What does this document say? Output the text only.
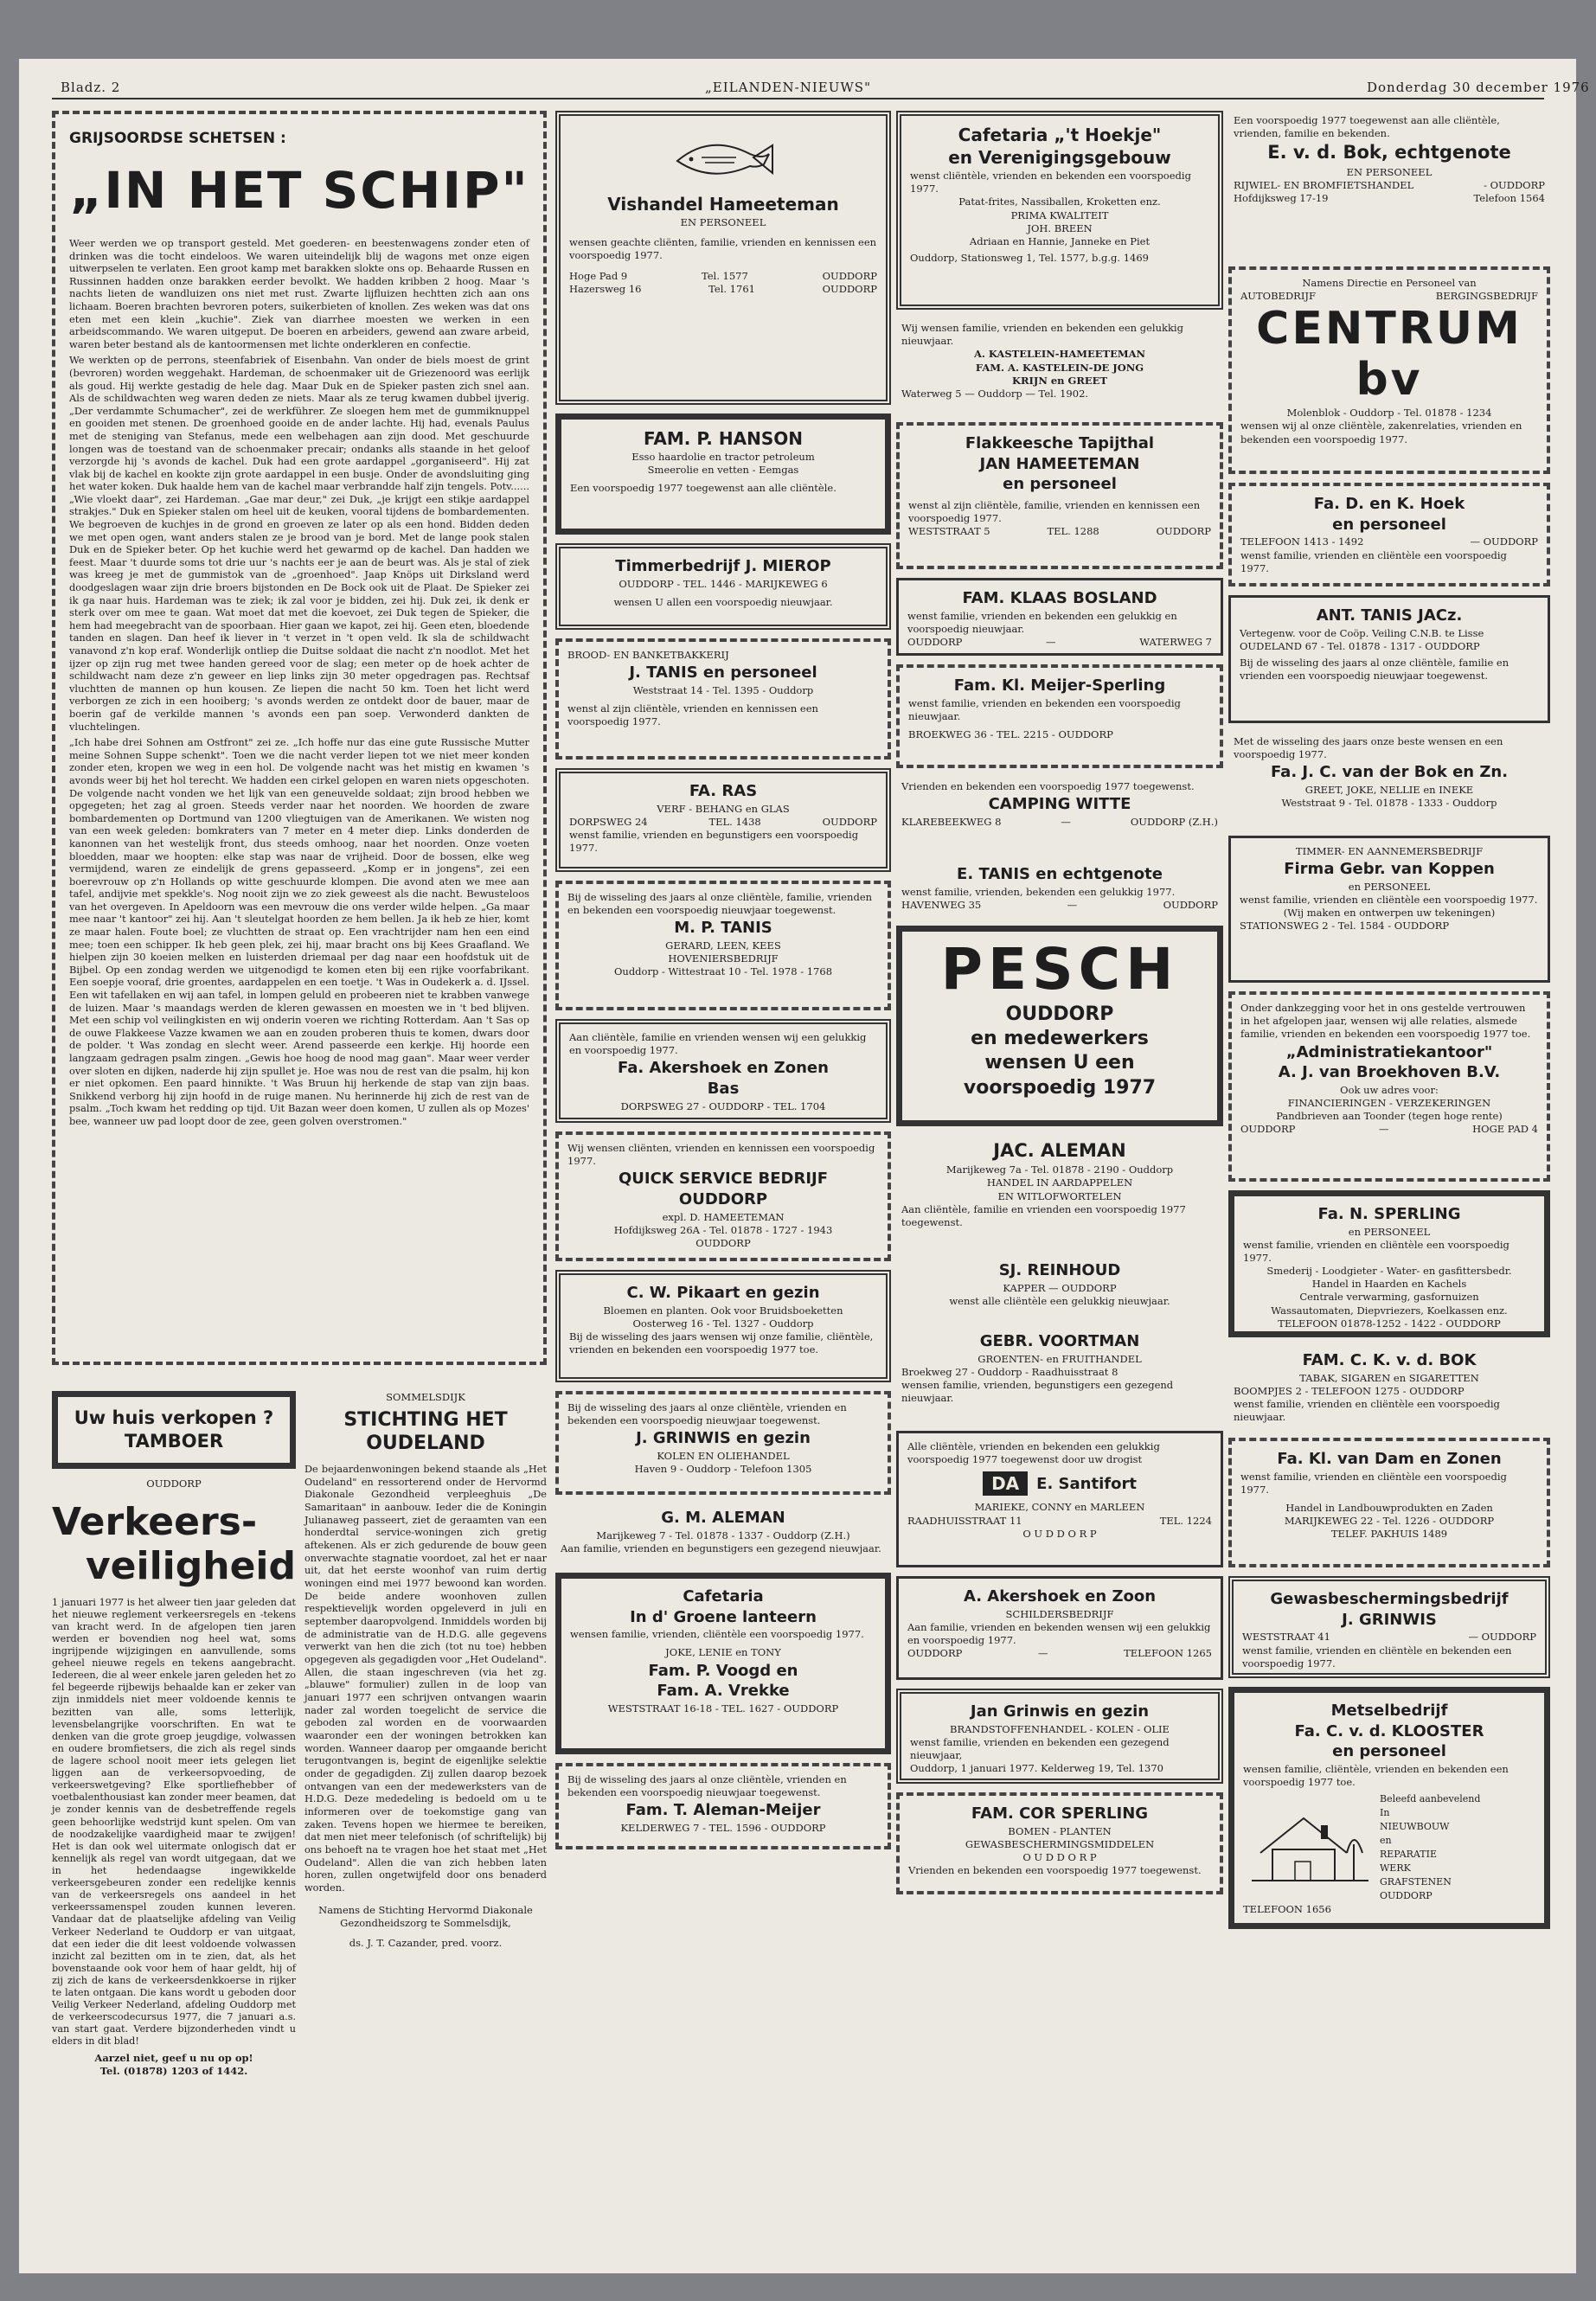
Bladz. 2	„EILANDEN-NIEUWS"	Donderdag 30 december 1976
GRIJSOORDSE SCHETSEN :
„IN HET SCHIP"

Weer werden we op transport gesteld. Met goederen- en beestenwagens zonder eten of drinken was die tocht eindeloos. We waren uiteindelijk blij de wagons met onze eigen uitwerpselen te verlaten. Een groot kamp met barakken slokte ons op. Behaarde Russen en Russinnen hadden onze barakken eerder bevolkt. We hadden kribben 2 hoog. Maar 's nachts lieten de wandluizen ons niet met rust. Zwarte lijfluizen hechtten zich aan ons lichaam. Boeren brachten bevroren poters, suikerbieten of knollen. Zes weken was dat ons eten met een klein „kuchie". Ziek van diarrhee moesten we werken in een arbeidscommando. We waren uitgeput. De boeren en arbeiders, gewend aan zware arbeid, waren beter bestand als de kantoormensen met lichte onderkleren en confectie.

We werkten op de perrons, steenfabriek of Eisenbahn. Van onder de biels moest de grint (bevroren) worden weggehakt. Hardeman, de schoenmaker uit de Griezenoord was eerlijk als goud. Hij werkte gestadig de hele dag. Maar Duk en de Spieker pasten zich snel aan. Als de schildwachten weg waren deden ze niets. Maar als ze terug kwamen dubbel ijverig. „Der verdammte Schumacher", zei de werkführer. Ze sloegen hem met de gummiknuppel en gooiden met stenen. De groenhoed gooide en de ander lachte. Hij had, evenals Paulus met de steniging van Stefanus, mede een welbehagen aan zijn dood. Met geschuurde longen was de toestand van de schoenmaker precair; ondanks alls staande in het geloof verzorgde hij 's avonds de kachel. Duk had een grote aardappel „gorganiseerd". Hij zat vlak bij de kachel en kookte zijn grote aardappel in een busje. Onder de avondsluiting ging het water koken. Duk haalde hem van de kachel maar verbrandde half zijn tengels. Potv...... „Wie vloekt daar", zei Hardeman. „Gae mar deur," zei Duk, „je krijgt een stikje aardappel strakjes." Duk en Spieker stalen om heel uit de keuken, vooral tijdens de bombardementen. We begroeven de kuchjes in de grond en groeven ze later op als een hond. Bidden deden we met open ogen, want anders stalen ze je brood van je bord. Met de lange pook stalen Duk en de Spieker beter. Op het kuchie werd het gewarmd op de kachel. Dan hadden we feest. Maar 't duurde soms tot drie uur 's nachts eer je aan de beurt was. Als je stal of ziek was kreeg je met de gummistok van de „groenhoed". Jaap Knöps uit Dirksland werd doodgeslagen waar zijn drie broers bijstonden en De Bock ook uit de Plaat. De Spieker zei ik ga naar huis. Hardeman was te ziek; ik zal voor je bidden, zei hij. Duk zei, ik denk er sterk over om mee te gaan. Wat moet dat met die koevoet, zei Duk tegen de Spieker, die hem had meegebracht van de spoorbaan. Hier gaan we kapot, zei hij. Geen eten, bloedende tanden en slagen. Dan heef ik liever in 't verzet in 't open veld. Ik sla de schildwacht vanavond z'n kop eraf. Wonderlijk ontliep die Duitse soldaat die nacht z'n noodlot. Met het ijzer op zijn rug met twee handen gereed voor de slag; een meter op de hoek achter de schildwacht nam deze z'n geweer en liep links zijn 30 meter opgedragen pas. Rechtsaf vluchtten de mannen op hun kousen. Ze liepen die nacht 50 km. Toen het licht werd verborgen ze zich in een hooiberg; 's avonds werden ze ontdekt door de bauer, maar de boerin gaf de verkilde mannen 's avonds een pan soep. Verwonderd dankten de vluchtelingen.

„Ich habe drei Sohnen am Ostfront" zei ze. „Ich hoffe nur das eine gute Russische Mutter meine Sohnen Suppe schenkt". Toen we die nacht verder liepen tot we niet meer konden zonder eten, kropen we weg in een hol. De volgende nacht was het mistig en kwamen 's avonds weer bij het hol terecht. We hadden een cirkel gelopen en waren niets opgeschoten. De volgende nacht vonden we het lijk van een geneuvelde soldaat; zijn brood hebben we opgegeten; het zag al groen. Steeds verder naar het noorden. We hoorden de zware bombardementen op Dortmund van 1200 vliegtuigen van de Amerikanen. We wisten nog van een week geleden: bomkraters van 7 meter en 4 meter diep. Links donderden de kanonnen van het westelijk front, dus steeds omhoog, naar het noorden. Onze voeten bloedden, maar we hoopten: elke stap was naar de vrijheid. Door de bossen, elke weg vermijdend, waren ze eindelijk de grens gepasseerd. „Komp er in jongens", zei een boerevrouw op z'n Hollands op witte geschuurde klompen. Die avond aten we mee aan tafel, andijvie met spekkle's. Nog nooit zijn we zo ziek geweest als die nacht. Bewusteloos van het overgeven. In Apeldoorn was een mevrouw die ons verder wilde helpen. „Ga maar mee naar 't kantoor" zei hij. Aan 't sleutelgat hoorden ze hem bellen. Ja ik heb ze hier, komt ze maar halen. Foute boel; ze vluchtten de straat op. Een vrachtrijder nam hen een eind mee; toen een schipper. Ik heb geen plek, zei hij, maar bracht ons bij Kees Graafland. We hielpen zijn 30 koeien melken en luisterden driemaal per dag naar een hoofdstuk uit de Bijbel. Op een zondag werden we uitgenodigd te komen eten bij een rijke voorfabrikant. Een soepje vooraf, drie groentes, aardappelen en een toetje. 't Was in Oudekerk a. d. IJssel. Een wit tafellaken en wij aan tafel, in lompen geluld en probeeren niet te krabben vanwege de luizen. Maar 's maandags werden de kleren gewassen en moesten we in 't bed blijven. Met een schip vol veilingkisten en wij onderin voeren we richting Rotterdam. Aan 't Sas op de ouwe Flakkeese Vazze kwamen we aan en zouden proberen thuis te komen, dwars door de polder. 't Was zondag en slecht weer. Arend passeerde een kerkje. Hij hoorde een langzaam gedragen psalm zingen. „Gewis hoe hoog de nood mag gaan". Maar weer verder over sloten en dijken, naderde hij zijn spullet je. Hoe was nou de rest van die psalm, hij kon er niet opkomen. Een paard hinnikte. 't Was Bruun hij herkende de stap van zijn baas. Snikkend verborg hij zijn hoofd in de ruige manen. Nu herinnerde hij zich de rest van de psalm. „Toch kwam het redding op tijd. Uit Bazan weer doen komen, U zullen als op Mozes' bee, wanneer uw pad loopt door de zee, geen golven overstromen."

Uw huis verkopen ?
TAMBOER
OUDDORP
Verkeers-
veiligheid

1 januari 1977 is het alweer tien jaar geleden dat het nieuwe reglement verkeersregels en -tekens van kracht werd. In de afgelopen tien jaren werden er bovendien nog heel wat, soms ingrijpende wijzigingen en aanvullende, soms geheel nieuwe regels en tekens aangebracht. Iedereen, die al weer enkele jaren geleden het zo fel begeerde rijbewijs behaalde kan er zeker van zijn inmiddels niet meer voldoende kennis te bezitten van alle, soms letterlijk, levensbelangrijke voorschriften. En wat te denken van die grote groep jeugdige, volwassen en oudere bromfietsers, die zich als regel sinds de lagere school nooit meer iets gelegen liet liggen aan de verkeersopvoeding, de verkeerswetgeving? Elke sportliefhebber of voetbalenthousiast kan zonder meer beamen, dat je zonder kennis van de desbetreffende regels geen behoorlijke wedstrijd kunt spelen. Om van de noodzakelijke vaardigheid maar te zwijgen! Het is dan ook wel uitermate onlogisch dat er kennelijk als regel van wordt uitgegaan, dat we in het hedendaagse ingewikkelde verkeersgebeuren zonder een redelijke kennis van de verkeersregels ons aandeel in het verkeerssamenspel zouden kunnen leveren. Vandaar dat de plaatselijke afdeling van Veilig Verkeer Nederland te Ouddorp er van uitgaat, dat een ieder die dit leest voldoende volwassen inzicht zal bezitten om in te zien, dat, als het bovenstaande ook voor hem of haar geldt, hij of zij zich de kans de verkeersdenkkoerse in rijker te laten ontgaan. Die kans wordt u geboden door Veilig Verkeer Nederland, afdeling Ouddorp met de verkeerscodecursus 1977, die 7 januari a.s. van start gaat. Verdere bijzonderheden vindt u elders in dit blad!

Aarzel niet, geef u nu op op!
Tel. (01878) 1203 of 1442.
SOMMELSDIJK
STICHTING HET OUDELAND

De bejaardenwoningen bekend staande als „Het Oudeland" en ressorterend onder de Hervormd Diakonale Gezondheid verpleeghuis „De Samaritaan" in aanbouw. Ieder die de Koningin Julianaweg passeert, ziet de geraamten van een honderdtal service-woningen zich gretig aftekenen. Als er zich gedurende de bouw geen onverwachte stagnatie voordoet, zal het er naar uit, dat het eerste woonhof van ruim dertig woningen eind mei 1977 bewoond kan worden. De beide andere woonhoven zullen respektievelijk worden opgeleverd in juli en september daaropvolgend. Inmiddels worden bij de administratie van de H.D.G. alle gegevens verwerkt van hen die zich (tot nu toe) hebben opgegeven als gegadigden voor „Het Oudeland". Allen, die staan ingeschreven (via het zg. „blauwe" formulier) zullen in de loop van januari 1977 een schrijven ontvangen waarin nader zal worden toegelicht de service die geboden zal worden en de voorwaarden waaronder een der woningen betrokken kan worden. Wanneer daarop per omgaande bericht terugontvangen is, begint de eigenlijke selektie onder de gegadigden. Zij zullen daarop bezoek ontvangen van een der medewerksters van de H.D.G. Deze mededeling is bedoeld om u te informeren over de toekomstige gang van zaken. Tevens hopen we hiermee te bereiken, dat men niet meer telefonisch (of schriftelijk) bij ons behoeft na te vragen hoe het staat met „Het Oudeland". Allen die van zich hebben laten horen, zullen ongetwijfeld door ons benaderd worden.

Namens de Stichting Hervormd Diakonale Gezondheidszorg te Sommelsdijk,
ds. J. T. Cazander, pred. voorz.
Vishandel Hameeteman
EN PERSONEEL
wensen geachte cliënten, familie, vrienden en kennissen een voorspoedig 1977.
Hoge Pad 9	Tel. 1577	OUDDORP
Hazersweg 16	Tel. 1761	OUDDORP
FAM. P. HANSON
Esso haardolie en tractor petroleum
Smeerolie en vetten - Eemgas
Een voorspoedig 1977 toegewenst aan alle cliëntèle.
Timmerbedrijf J. MIEROP
OUDDORP - TEL. 1446 - MARIJKEWEG 6
wensen U allen een voorspoedig nieuwjaar.
BROOD- EN BANKETBAKKERIJ
J. TANIS en personeel
Weststraat 14 - Tel. 1395 - Ouddorp
wenst al zijn cliëntèle, vrienden en kennissen een voorspoedig 1977.
FA. RAS
VERF - BEHANG en GLAS
DORPSWEG 24	TEL. 1438	OUDDORP
wenst familie, vrienden en begunstigers een voorspoedig 1977.
Bij de wisseling des jaars al onze cliëntèle, familie, vrienden en bekenden een voorspoedig nieuwjaar toegewenst.
M. P. TANIS
GERARD, LEEN, KEES
HOVENIERSBEDRIJF
Ouddorp - Wittestraat 10 - Tel. 1978 - 1768
Aan cliëntèle, familie en vrienden wensen wij een gelukkig en voorspoedig 1977.
Fa. Akershoek en Zonen
Bas
DORPSWEG 27 - OUDDORP - TEL. 1704
Wij wensen cliënten, vrienden en kennissen een voorspoedig 1977.
QUICK SERVICE BEDRIJF
OUDDORP
expl. D. HAMEETEMAN
Hofdijksweg 26A - Tel. 01878 - 1727 - 1943
OUDDORP
C. W. Pikaart en gezin
Bloemen en planten. Ook voor Bruidsboeketten
Oosterweg 16 - Tel. 1327 - Ouddorp
Bij de wisseling des jaars wensen wij onze familie, cliëntèle, vrienden en bekenden een voorspoedig 1977 toe.
Bij de wisseling des jaars al onze cliëntèle, vrienden en bekenden een voorspoedig nieuwjaar toegewenst.
J. GRINWIS en gezin
KOLEN EN OLIEHANDEL
Haven 9 - Ouddorp - Telefoon 1305
G. M. ALEMAN
Marijkeweg 7 - Tel. 01878 - 1337 - Ouddorp (Z.H.)
Aan familie, vrienden en begunstigers een gezegend nieuwjaar.
Cafetaria
In d' Groene lanteern
wensen familie, vrienden, cliëntèle een voorspoedig 1977.
JOKE, LENIE en TONY
Fam. P. Voogd en
Fam. A. Vrekke
WESTSTRAAT 16-18 - TEL. 1627 - OUDDORP
Bij de wisseling des jaars al onze cliëntèle, vrienden en bekenden een voorspoedig nieuwjaar toegewenst.
Fam. T. Aleman-Meijer
KELDERWEG 7 - TEL. 1596 - OUDDORP
Cafetaria „'t Hoekje"
en Verenigingsgebouw
wenst cliëntèle, vrienden en bekenden een voorspoedig 1977.
Patat-frites, Nassiballen, Kroketten enz.
PRIMA KWALITEIT
JOH. BREEN
Adriaan en Hannie, Janneke en Piet
Ouddorp, Stationsweg 1, Tel. 1577, b.g.g. 1469
Wij wensen familie, vrienden en bekenden een gelukkig nieuwjaar.
A. KASTELEIN-HAMEETEMAN
FAM. A. KASTELEIN-DE JONG
KRIJN en GREET
Waterweg 5 — Ouddorp — Tel. 1902.
Flakkeesche Tapijthal
JAN HAMEETEMAN
en personeel
wenst al zijn cliëntèle, familie, vrienden en kennissen een voorspoedig 1977.
WESTSTRAAT 5	TEL. 1288	OUDDORP
FAM. KLAAS BOSLAND
wenst familie, vrienden en bekenden een gelukkig en voorspoedig nieuwjaar.
OUDDORP	—	WATERWEG 7
Fam. Kl. Meijer-Sperling
wenst familie, vrienden en bekenden een voorspoedig nieuwjaar.
BROEKWEG 36 - TEL. 2215 - OUDDORP
Vrienden en bekenden een voorspoedig 1977 toegewenst.
CAMPING WITTE
KLAREBEEKWEG 8	—	OUDDORP (Z.H.)
E. TANIS en echtgenote
wenst familie, vrienden, bekenden een gelukkig 1977.
HAVENWEG 35	—	OUDDORP
PESCH
OUDDORP
en medewerkers
wensen U een
voorspoedig 1977
JAC. ALEMAN
Marijkeweg 7a - Tel. 01878 - 2190 - Ouddorp
HANDEL IN AARDAPPELEN
EN WITLOFWORTELEN
Aan cliëntèle, familie en vrienden een voorspoedig 1977 toegewenst.
SJ. REINHOUD
KAPPER — OUDDORP
wenst alle cliëntèle een gelukkig nieuwjaar.
GEBR. VOORTMAN
GROENTEN- en FRUITHANDEL
Broekweg 27 - Ouddorp - Raadhuisstraat 8
wensen familie, vrienden, begunstigers een gezegend nieuwjaar.
Alle cliëntèle, vrienden en bekenden een gelukkig voorspoedig 1977 toegewenst door uw drogist
DA	E. Santifort
MARIEKE, CONNY en MARLEEN
RAADHUISSTRAAT 11	TEL. 1224
O U D D O R P
A. Akershoek en Zoon
SCHILDERSBEDRIJF
Aan familie, vrienden en bekenden wensen wij een gelukkig en voorspoedig 1977.
OUDDORP	—	TELEFOON 1265
Jan Grinwis en gezin
BRANDSTOFFENHANDEL - KOLEN - OLIE
wenst familie, vrienden en bekenden een gezegend nieuwjaar,
Ouddorp, 1 januari 1977. Kelderweg 19, Tel. 1370
FAM. COR SPERLING
BOMEN - PLANTEN
GEWASBESCHERMINGSMIDDELEN
O U D D O R P
Vrienden en bekenden een voorspoedig 1977 toegewenst.
Een voorspoedig 1977 toegewenst aan alle cliëntèle, vrienden, familie en bekenden.
E. v. d. Bok, echtgenote
EN PERSONEEL
RIJWIEL- EN BROMFIETSHANDEL	- OUDDORP
Hofdijksweg 17-19	Telefoon 1564
Namens Directie en Personeel van
AUTOBEDRIJF	BERGINGSBEDRIJF
CENTRUM bv
Molenblok - Ouddorp - Tel. 01878 - 1234
wensen wij al onze cliëntèle, zakenrelaties, vrienden en bekenden een voorspoedig 1977.
Fa. D. en K. Hoek
en personeel
TELEFOON 1413 - 1492	— OUDDORP
wenst familie, vrienden en cliëntèle een voorspoedig 1977.
ANT. TANIS JACz.
Vertegenw. voor de Coöp. Veiling C.N.B. te Lisse
OUDELAND 67 - Tel. 01878 - 1317 - OUDDORP
Bij de wisseling des jaars al onze cliëntèle, familie en vrienden een voorspoedig nieuwjaar toegewenst.
Met de wisseling des jaars onze beste wensen en een voorspoedig 1977.
Fa. J. C. van der Bok en Zn.
GREET, JOKE, NELLIE en INEKE
Weststraat 9 - Tel. 01878 - 1333 - Ouddorp
TIMMER- EN AANNEMERSBEDRIJF
Firma Gebr. van Koppen
en PERSONEEL
wenst familie, vrienden en cliëntèle een voorspoedig 1977.
(Wij maken en ontwerpen uw tekeningen)
STATIONSWEG 2 - Tel. 1584 - OUDDORP
Onder dankzegging voor het in ons gestelde vertrouwen in het afgelopen jaar, wensen wij alle relaties, alsmede familie, vrienden en bekenden een voorspoedig 1977 toe.
„Administratiekantoor"
A. J. van Broekhoven B.V.
Ook uw adres voor:
FINANCIERINGEN - VERZEKERINGEN
Pandbrieven aan Toonder (tegen hoge rente)
OUDDORP	—	HOGE PAD 4
Fa. N. SPERLING
en PERSONEEL
wenst familie, vrienden en cliëntèle een voorspoedig 1977.
Smederij - Loodgieter - Water- en gasfittersbedr.
Handel in Haarden en Kachels
Centrale verwarming, gasfornuizen
Wassautomaten, Diepvriezers, Koelkassen enz.
TELEFOON 01878-1252 - 1422 - OUDDORP
FAM. C. K. v. d. BOK
TABAK, SIGAREN en SIGARETTEN
BOOMPJES 2 - TELEFOON 1275 - OUDDORP
wenst familie, vrienden en cliëntèle een voorspoedig nieuwjaar.
Fa. Kl. van Dam en Zonen
wenst familie, vrienden en cliëntèle een voorspoedig 1977.
Handel in Landbouwprodukten en Zaden
MARIJKEWEG 22 - Tel. 1226 - OUDDORP
TELEF. PAKHUIS 1489
Gewasbeschermingsbedrijf
J. GRINWIS
WESTSTRAAT 41	— OUDDORP
wenst familie, vrienden en cliëntèle en bekenden een voorspoedig 1977.
Metselbedrijf
Fa. C. v. d. KLOOSTER
en personeel
wensen familie, cliëntèle, vrienden en bekenden een voorspoedig 1977 toe.
Beleefd aanbevelend
In
NIEUWBOUW
en
REPARATIE
WERK
GRAFSTENEN
OUDDORP
TELEFOON 1656
